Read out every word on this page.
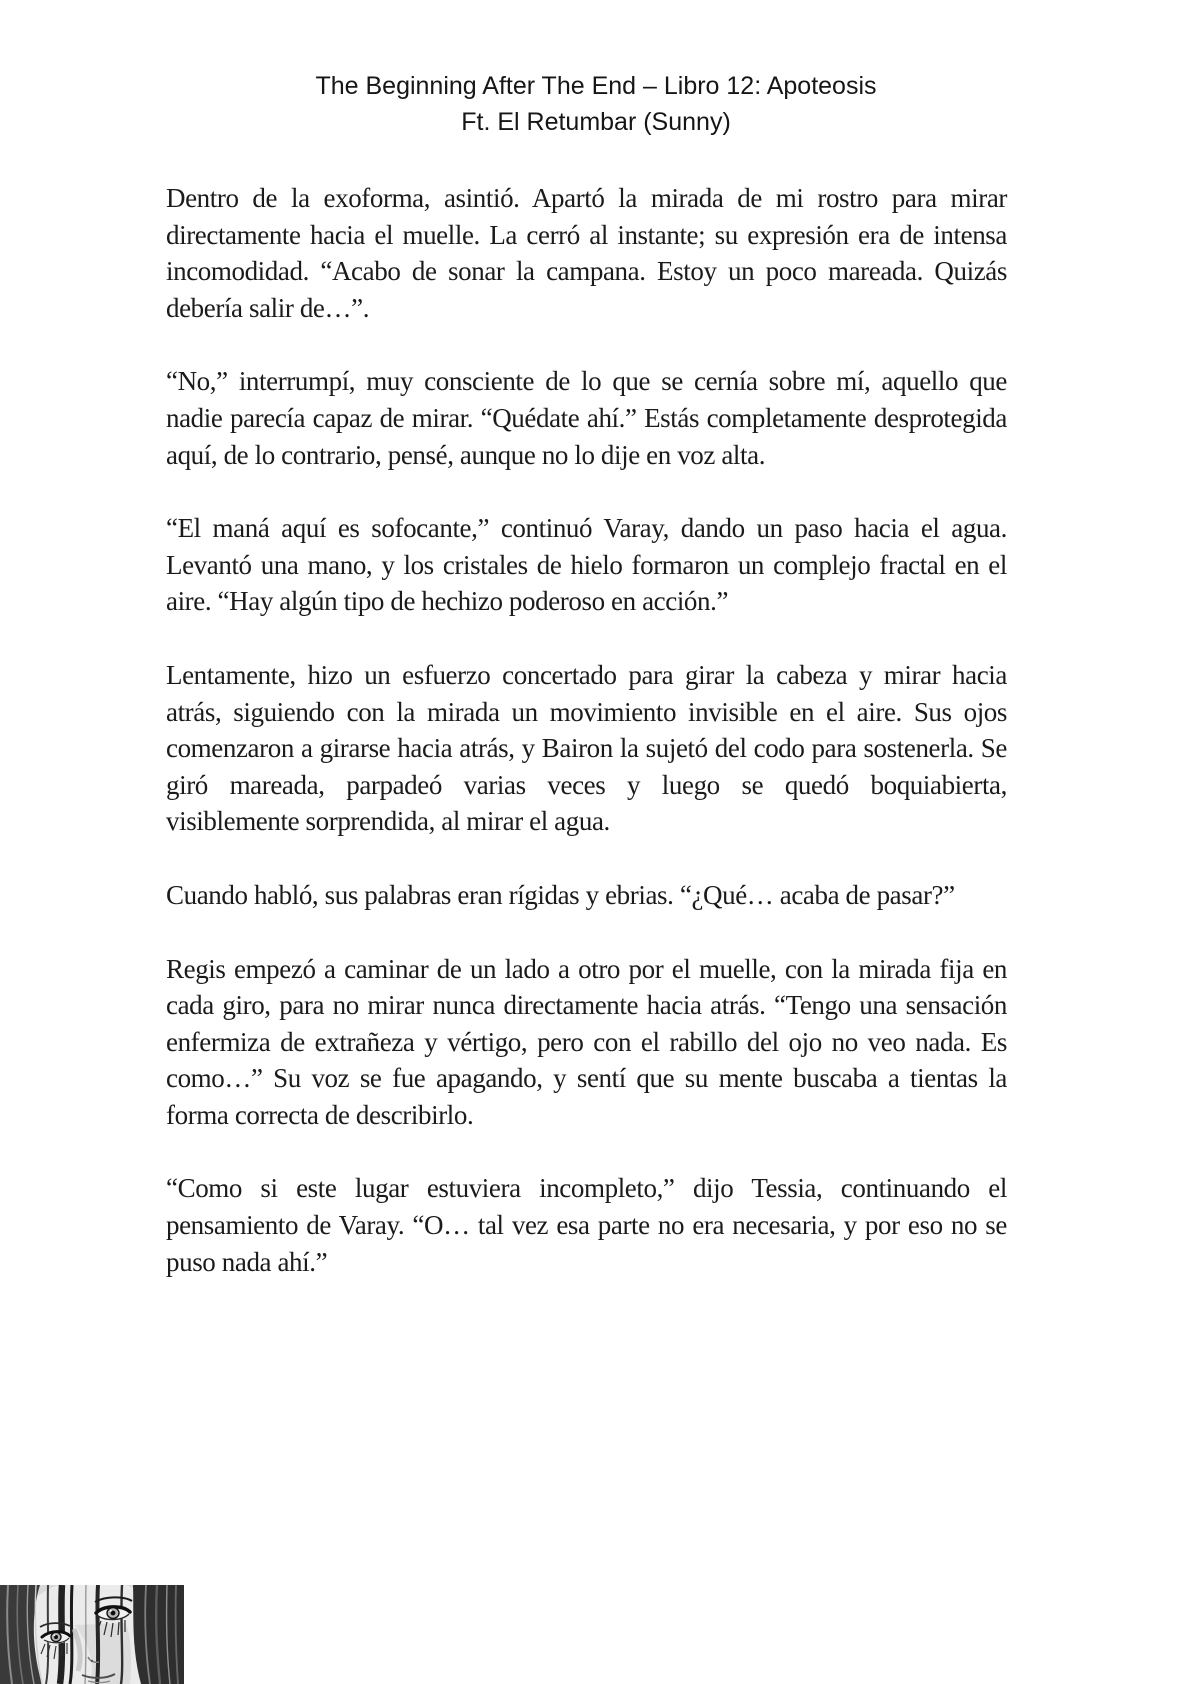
The Beginning After The End – Libro 12: Apoteosis
Ft. El Retumbar (Sunny)

Dentro de la exoforma, asintió. Apartó la mirada de mi rostro para mirar directamente hacia el muelle. La cerró al instante; su expresión era de intensa incomodidad. “Acabo de sonar la campana. Estoy un poco mareada. Quizás debería salir de…”.

“No,” interrumpí, muy consciente de lo que se cernía sobre mí, aquello que nadie parecía capaz de mirar. “Quédate ahí.” Estás completamente desprotegida aquí, de lo contrario, pensé, aunque no lo dije en voz alta.

“El maná aquí es sofocante,” continuó Varay, dando un paso hacia el agua. Levantó una mano, y los cristales de hielo formaron un complejo fractal en el aire. “Hay algún tipo de hechizo poderoso en acción.”

Lentamente, hizo un esfuerzo concertado para girar la cabeza y mirar hacia atrás, siguiendo con la mirada un movimiento invisible en el aire. Sus ojos comenzaron a girarse hacia atrás, y Bairon la sujetó del codo para sostenerla. Se giró mareada, parpadeó varias veces y luego se quedó boquiabierta, visiblemente sorprendida, al mirar el agua.

Cuando habló, sus palabras eran rígidas y ebrias. “¿Qué… acaba de pasar?”

Regis empezó a caminar de un lado a otro por el muelle, con la mirada fija en cada giro, para no mirar nunca directamente hacia atrás. “Tengo una sensación enfermiza de extrañeza y vértigo, pero con el rabillo del ojo no veo nada. Es como…” Su voz se fue apagando, y sentí que su mente buscaba a tientas la forma correcta de describirlo.

“Como si este lugar estuviera incompleto,” dijo Tessia, continuando el pensamiento de Varay. “O… tal vez esa parte no era necesaria, y por eso no se puso nada ahí.”
